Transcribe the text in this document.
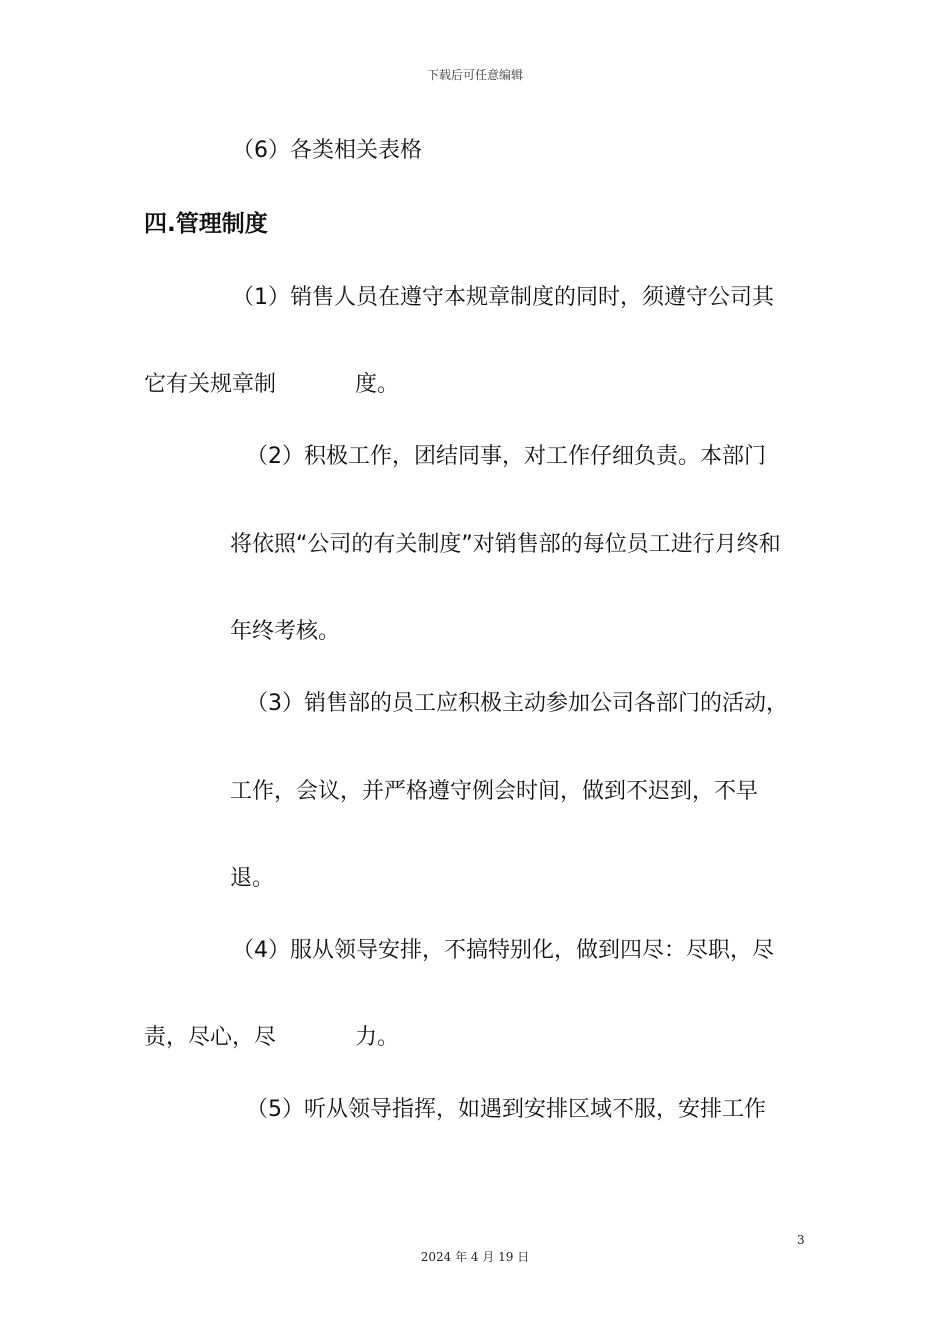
下载后可任意编辑
（6）各类相关表格
四.管理制度
（1）销售人员在遵守本规章制度的同时，须遵守公司其
它有关规章制	度。
（2）积极工作，团结同事，对工作仔细负责。本部门
将依照“公司的有关制度”对销售部的每位员工进行月终和
年终考核。
（3）销售部的员工应积极主动参加公司各部门的活动，
工作，会议，并严格遵守例会时间，做到不迟到，不早
退。
（4）服从领导安排，不搞特别化，做到四尽：尽职，尽
责，尽心，尽	力。
（5）听从领导指挥，如遇到安排区域不服，安排工作
3
2024 年 4 月 19 日
